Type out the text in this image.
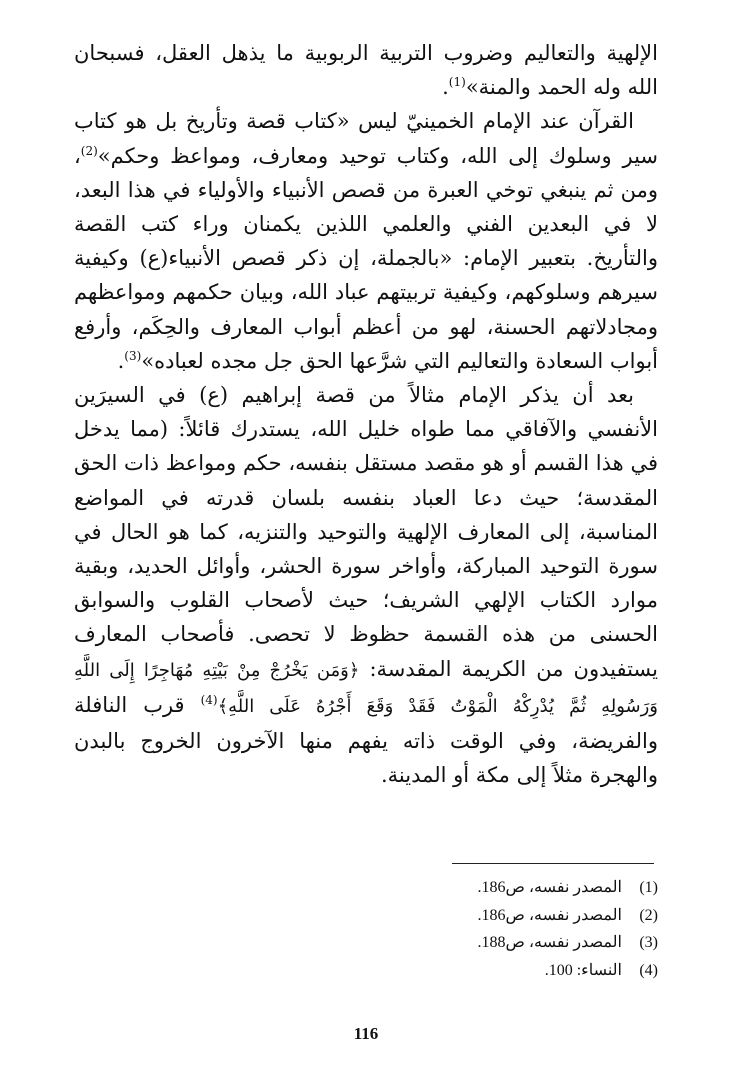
الإلهية والتعاليم وضروب التربية الربوبية ما يذهل العقل، فسبحان الله وله الحمد والمنة»$^{(1)}$.

القرآن عند الإمام الخمينيّ ليس «كتاب قصة وتأريخ بل هو كتاب سير وسلوك إلى الله، وكتاب توحيد ومعارف، ومواعظ وحكم»$^{(2)}$، ومن ثم ينبغي توخي العبرة من قصص الأنبياء والأولياء في هذا البعد، لا في البعدين الفني والعلمي اللذين يكمنان وراء كتب القصة والتأريخ. بتعبير الإمام: «بالجملة، إن ذكر قصص الأنبياء(ع) وكيفية سيرهم وسلوكهم، وكيفية تربيتهم عباد الله، وبيان حكمهم ومواعظهم ومجادلاتهم الحسنة، لهو من أعظم أبواب المعارف والحِكَم، وأرفع أبواب السعادة والتعاليم التي شرَّعها الحق جل مجده لعباده»$^{(3)}$.

بعد أن يذكر الإمام مثالاً من قصة إبراهيم (ع) في السيرَين الأنفسي والآفاقي مما طواه خليل الله، يستدرك قائلاً: (مما يدخل في هذا القسم أو هو مقصد مستقل بنفسه، حكم ومواعظ ذات الحق المقدسة؛ حيث دعا العباد بنفسه بلسان قدرته في المواضع المناسبة، إلى المعارف الإلهية والتوحيد والتنزيه، كما هو الحال في سورة التوحيد المباركة، وأواخر سورة الحشر، وأوائل الحديد، وبقية موارد الكتاب الإلهي الشريف؛ حيث لأصحاب القلوب والسوابق الحسنى من هذه القسمة حظوظ لا تحصى. فأصحاب المعارف يستفيدون من الكريمة المقدسة: ﴿وَمَن يَخْرُجْ مِنْ بَيْتِهِ مُهَاجِرًا إِلَى اللَّهِ وَرَسُولِهِ ثُمَّ يُدْرِكْهُ الْمَوْتُ فَقَدْ وَقَعَ أَجْرُهُ عَلَى اللَّهِ﴾$^{(4)}$ قرب النافلة والفريضة، وفي الوقت ذاته يفهم منها الآخرون الخروج بالبدن والهجرة مثلاً إلى مكة أو المدينة.

(1)المصدر نفسه، ص186.
(2)المصدر نفسه، ص186.
(3)المصدر نفسه، ص188.
(4)النساء: 100.
116
